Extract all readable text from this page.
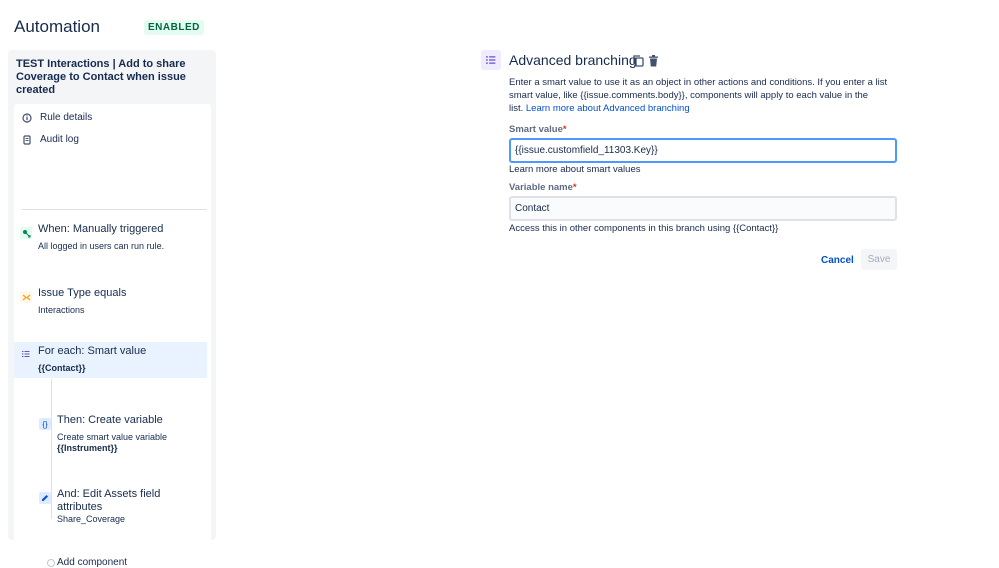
Automation	ENABLED
TEST Interactions | Add to share Coverage to Contact when issue created
Rule details
Audit log
When: Manually triggered
All logged in users can run rule.
Issue Type equals
Interactions
For each: Smart value
{{Contact}}
{} Then: Create variable
Create smart value variable
{{Instrument}}
And: Edit Assets field
attributes
Share_Coverage
Add component
Advanced branching
Enter a smart value to use it as an object in other actions and conditions. If you enter a list
smart value, like {{issue.comments.body}}, components will apply to each value in the
list. Learn more about Advanced branching
Smart value*
{{issue.customfield_11303.Key}}
Learn more about smart values
Variable name*
Contact
Access this in other components in this branch using {{Contact}}
Cancel	Save
